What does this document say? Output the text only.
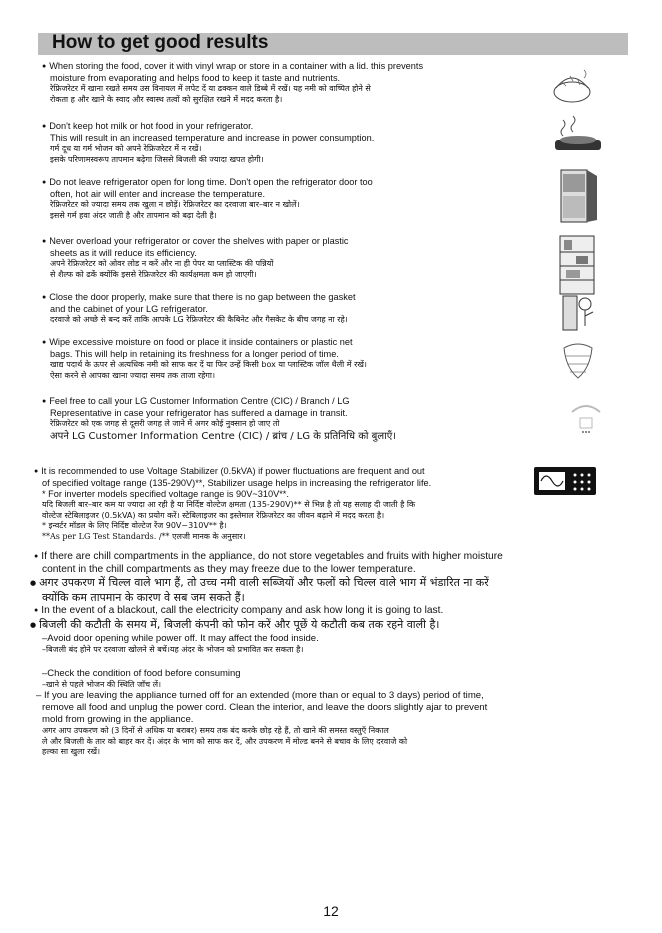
How to get good results
● When storing the food, cover it with vinyl wrap or store in a container with a lid. this prevents
moisture from evaporating and helps food to keep it taste and nutrients.
रेफ्रिजरेटर में खाना रखते समय उस विनायल में लपेट दें या ढक्कन वाले डिब्बे में रखें। यह नमी को वाष्पित होने से
रोकता ह और खाने के स्वाद और स्वास्थ तत्वों को सुरक्षित रखने में मदद करता है।
● Don't keep hot milk or hot food in your refrigerator.
This will result in an increased temperature and increase in power consumption.
गर्म दूध या गर्म भोजन को अपने रेफ्रिजरेटर में न रखें।
इसके परिणामस्वरूप तापमान बढ़ेगा जिससे बिजली की ज्यादा खपत होगी।
● Do not leave refrigerator open for long time. Don't open the refrigerator door too
often, hot air will enter and increase the temperature.
रेफ्रिजरेटर को ज्यादा समय तक खुला न छोड़ें। रेफ्रिजरेटर का दरवाजा बार–बार न खोलें।
इससे गर्म हवा अंदर जाती है और तापमान को बढ़ा देती है।
● Never overload your refrigerator or cover the shelves with paper or plastic
sheets as it will reduce its efficiency.
अपने रेफ्रिजरेटर को ओवर लोड न करें और ना ही पेपर या प्लास्टिक की पन्नियों
से शैल्फ को ढकें क्योंकि इससे रेफ्रिजरेटर की कार्यक्षमता कम हो जाएगी।
● Close the door properly, make sure that there is no gap between the gasket
and the cabinet of your LG refrigerator.
दरवाजे को अच्छे से बन्द करें ताकि आपके LG रेफ्रिजरेटर की कैबिनेट और गैसकेट के बीच जगह ना रहे।
● Wipe excessive moisture on food or place it inside containers or plastic net
bags. This will help in retaining its freshness for a longer period of time.
खाद्य पदार्थ के ऊपर से अत्यधिक नमी को साफ कर दें या फिर उन्हें किसी box या प्लास्टिक जॉल थैली में रखें।
ऐसा करने से आपका खाना ज्यादा समय तक ताजा रहेगा।
● Feel free to call your LG Customer Information Centre (CIC) / Branch / LG
Representative in case your refrigerator has suffered a damage in transit.
रेफ्रिजरेटर को एक जगह से दूसरी जगह ले जाने में अगर कोई नुक्सान हो जाए तो
अपने LG Customer Information Centre (CIC) / ब्रांच / LG के प्रतिनिधि को बुलाएँ।
● It is recommended to use Voltage Stabilizer (0.5kVA) if power fluctuations are frequent and out
of specified voltage range (135-290V)**, Stabilizer usage helps in increasing the refrigerator life.
* For inverter models specified voltage range is 90V~310V**.
यदि बिजली बार–बार कम या ज्यादा आ रही है या निर्दिष्ट वोल्टेज क्षमता (135-290V)** से भिन्न है तो यह सलाह दी जाती है कि
वोल्टेज स्टेबिलाइजर (0.5kVA) का प्रयोग करें। स्टेबिलाइजर का इस्तेमाल रेफ्रिजरेटर का जीवन बढ़ाने में मदद करता है।
* इन्वर्टर मॉडल के लिए निर्दिष्ट वोल्टेज रेंज 90V~310V** है।
**As per LG Test Standards. /** एलजी मानक के अनुसार।
● If there are chill compartments in the appliance, do not store vegetables and fruits with higher moisture
content in the chill compartments as they may freeze due to the lower temperature.
● अगर उपकरण में चिल्ल वाले भाग हैं, तो उच्च नमी वाली सब्जियों और फलों को चिल्ल वाले भाग में भंडारित ना करें
क्योंकि कम तापमान के कारण वे सब जम सकते हैं।
● In the event of a blackout, call the electricity company and ask how long it is going to last.
● बिजली की कटौती के समय में, बिजली कंपनी को फोन करें और पूछें ये कटौती कब तक रहने वाली है।
–Avoid door opening while power off. It may affect the food inside.
–बिजली बंद होने पर दरवाजा खोलने से बचें।यह अंदर के भोजन को प्रभावित कर सकता है।
–Check the condition of food before consuming
–खाने से पहले भोजन की स्थिति जाँच लें।
– If you are leaving the appliance turned off for an extended (more than or equal to 3 days) period of time,
remove all food and unplug the power cord. Clean the interior, and leave the doors slightly ajar to prevent
mold from growing in the appliance.
अगर आप उपकरण को (3 दिनों से अधिक या बराबर) समय तक बंद करके छोड़ रहे हैं, तो खाने की समस्त वस्तुएँ निकाल
ले और बिजली के तार को बाहर कर दें। अंदर के भाग को साफ कर दें, और उपकरण में मोल्ड बनने से बचाव के लिए दरवाजे को
हल्का सा खुला रखें।
12
